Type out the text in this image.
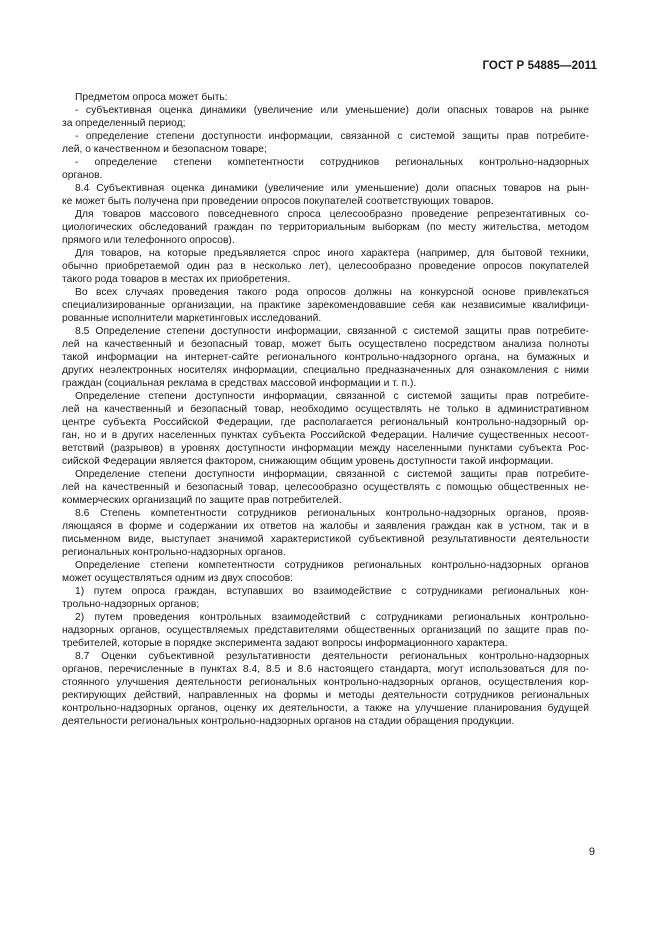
ГОСТ Р 54885—2011
Предметом опроса может быть:
- субъективная оценка динамики (увеличение или уменьшение) доли опасных товаров на рынке
за определенный период;
- определение степени доступности информации, связанной с системой защиты прав потребите-
лей, о качественном и безопасном товаре;
- определение степени компетентности сотрудников региональных контрольно-надзорных
органов.
8.4 Субъективная оценка динамики (увеличение или уменьшение) доли опасных товаров на рын-
ке может быть получена при проведении опросов покупателей соответствующих товаров.
Для товаров массового повседневного спроса целесообразно проведение репрезентативных со-
циологических обследований граждан по территориальным выборкам (по месту жительства, методом
прямого или телефонного опросов).
Для товаров, на которые предъявляется спрос иного характера (например, для бытовой техники,
обычно приобретаемой один раз в несколько лет), целесообразно проведение опросов покупателей
такого рода товаров в местах их приобретения.
Во всех случаях проведения такого рода опросов должны на конкурсной основе привлекаться
специализированные организации, на практике зарекомендовавшие себя как независимые квалифици-
рованные исполнители маркетинговых исследований.
8.5 Определение степени доступности информации, связанной с системой защиты прав потребите-
лей на качественный и безопасный товар, может быть осуществлено посредством анализа полноты
такой информации на интернет-сайте регионального контрольно-надзорного органа, на бумажных и
других неэлектронных носителях информации, специально предназначенных для ознакомления с ними
граждан (социальная реклама в средствах массовой информации и т. п.).
Определение степени доступности информации, связанной с системой защиты прав потребите-
лей на качественный и безопасный товар, необходимо осуществлять не только в административном
центре субъекта Российской Федерации, где располагается региональный контрольно-надзорный ор-
ган, но и в других населенных пунктах субъекта Российской Федерации. Наличие существенных несоот-
ветствий (разрывов) в уровнях доступности информации между населенными пунктами субъекта Рос-
сийской Федерации является фактором, снижающим общим уровень доступности такой информации.
Определение степени доступности информации, связанной с системой защиты прав потребите-
лей на качественный и безопасный товар, целесообразно осуществлять с помощью общественных не-
коммерческих организаций по защите прав потребителей.
8.6 Степень компетентности сотрудников региональных контрольно-надзорных органов, прояв-
ляющаяся в форме и содержании их ответов на жалобы и заявления граждан как в устном, так и в
письменном виде, выступает значимой характеристикой субъективной результативности деятельности
региональных контрольно-надзорных органов.
Определение степени компетентности сотрудников региональных контрольно-надзорных органов
может осуществляться одним из двух способов:
1) путем опроса граждан, вступавших во взаимодействие с сотрудниками региональных кон-
трольно-надзорных органов;
2) путем проведения контрольных взаимодействий с сотрудниками региональных контрольно-
надзорных органов, осуществляемых представителями общественных организаций по защите прав по-
требителей, которые в порядке эксперимента задают вопросы информационного характера.
8.7 Оценки субъективной результативности деятельности региональных контрольно-надзорных
органов, перечисленные в пунктах 8.4, 8.5 и 8.6 настоящего стандарта, могут использоваться для по-
стоянного улучшения деятельности региональных контрольно-надзорных органов, осуществления кор-
ректирующих действий, направленных на формы и методы деятельности сотрудников региональных
контрольно-надзорных органов, оценку их деятельности, а также на улучшение планирования будущей
деятельности региональных контрольно-надзорных органов на стадии обращения продукции.
9
